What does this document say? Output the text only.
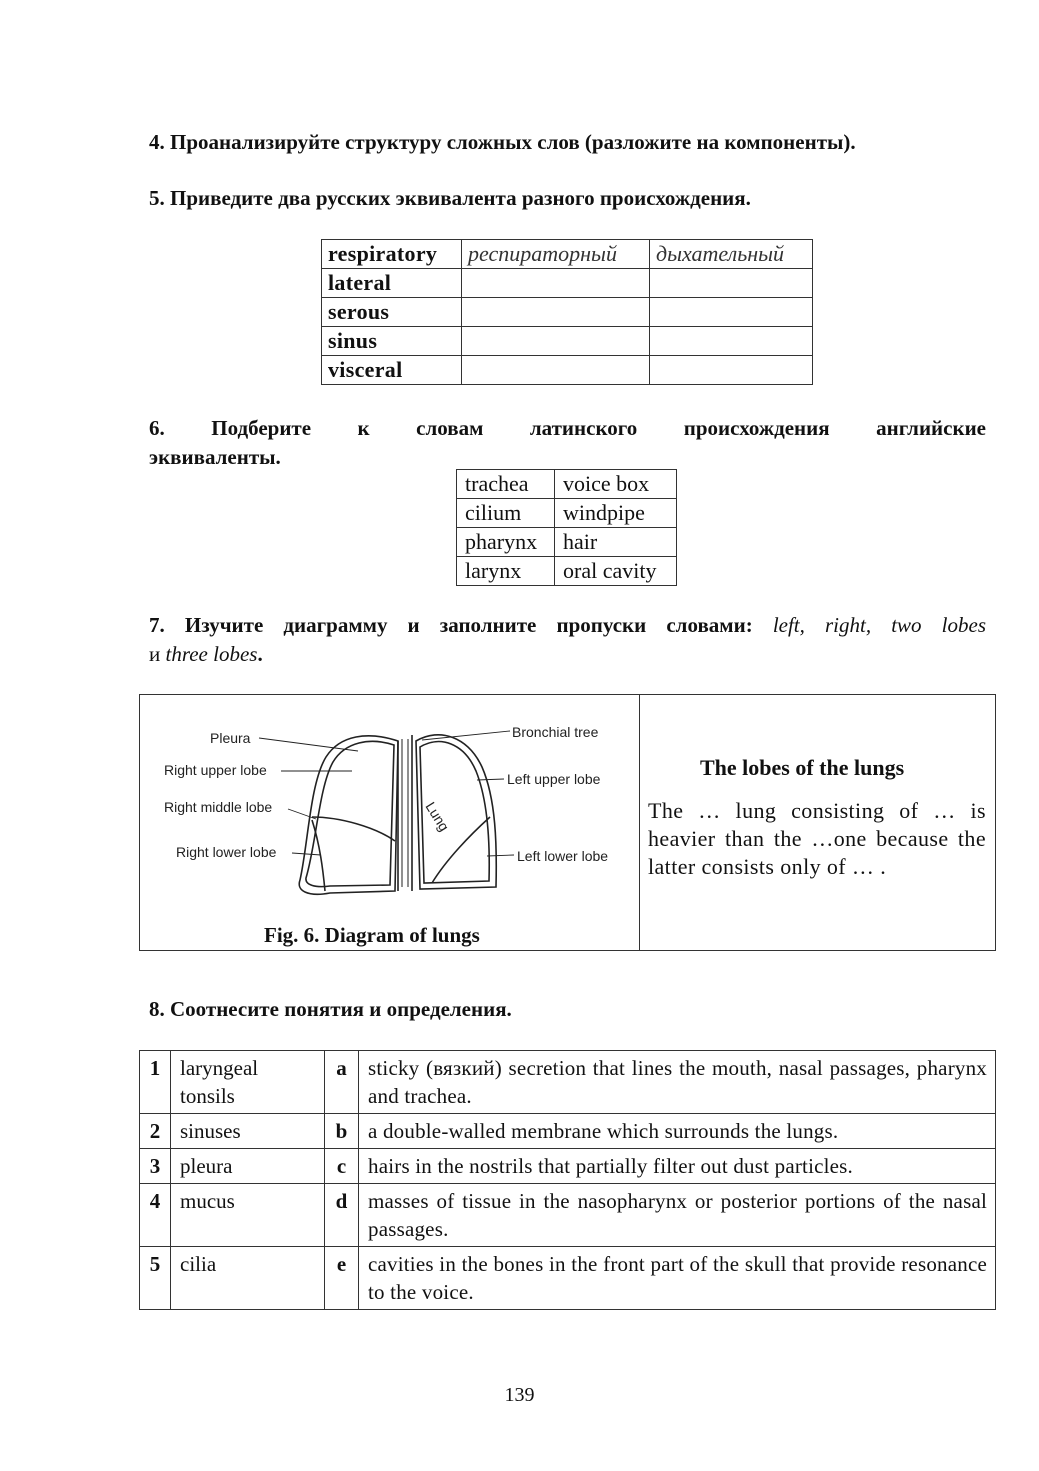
4. Проанализируйте структуру сложных слов (разложите на компоненты).
5. Приведите два русских эквивалента разного происхождения.
respiratory	респираторный	дыхательный
lateral		
serous		
sinus		
visceral		
6. Подберите к словам латинского происхождения английские
эквиваленты.
trachea	voice box
cilium	windpipe
pharynx	hair
larynx	oral cavity
7. Изучите диаграмму и заполните пропуски словами: left, right, two lobes
и three lobes.
Pleura
Right upper lobe
Right middle lobe
Right lower lobe
Bronchial tree
Left upper lobe
Left lower lobe
Lung
Fig. 6. Diagram of lungs
The lobes of the lungs
The … lung consisting of … is heavier than the …one because the latter consists only of … .
8. Соотнесите понятия и определения.
1	laryngeal tonsils	a	sticky (вязкий) secretion that lines the mouth, nasal passages, pharynx and trachea.
2	sinuses	b	a double-walled membrane which surrounds the lungs.
3	pleura	c	hairs in the nostrils that partially filter out dust particles.
4	mucus	d	masses of tissue in the nasopharynx or posterior portions of the nasal passages.
5	cilia	e	cavities in the bones in the front part of the skull that provide resonance to the voice.
139
